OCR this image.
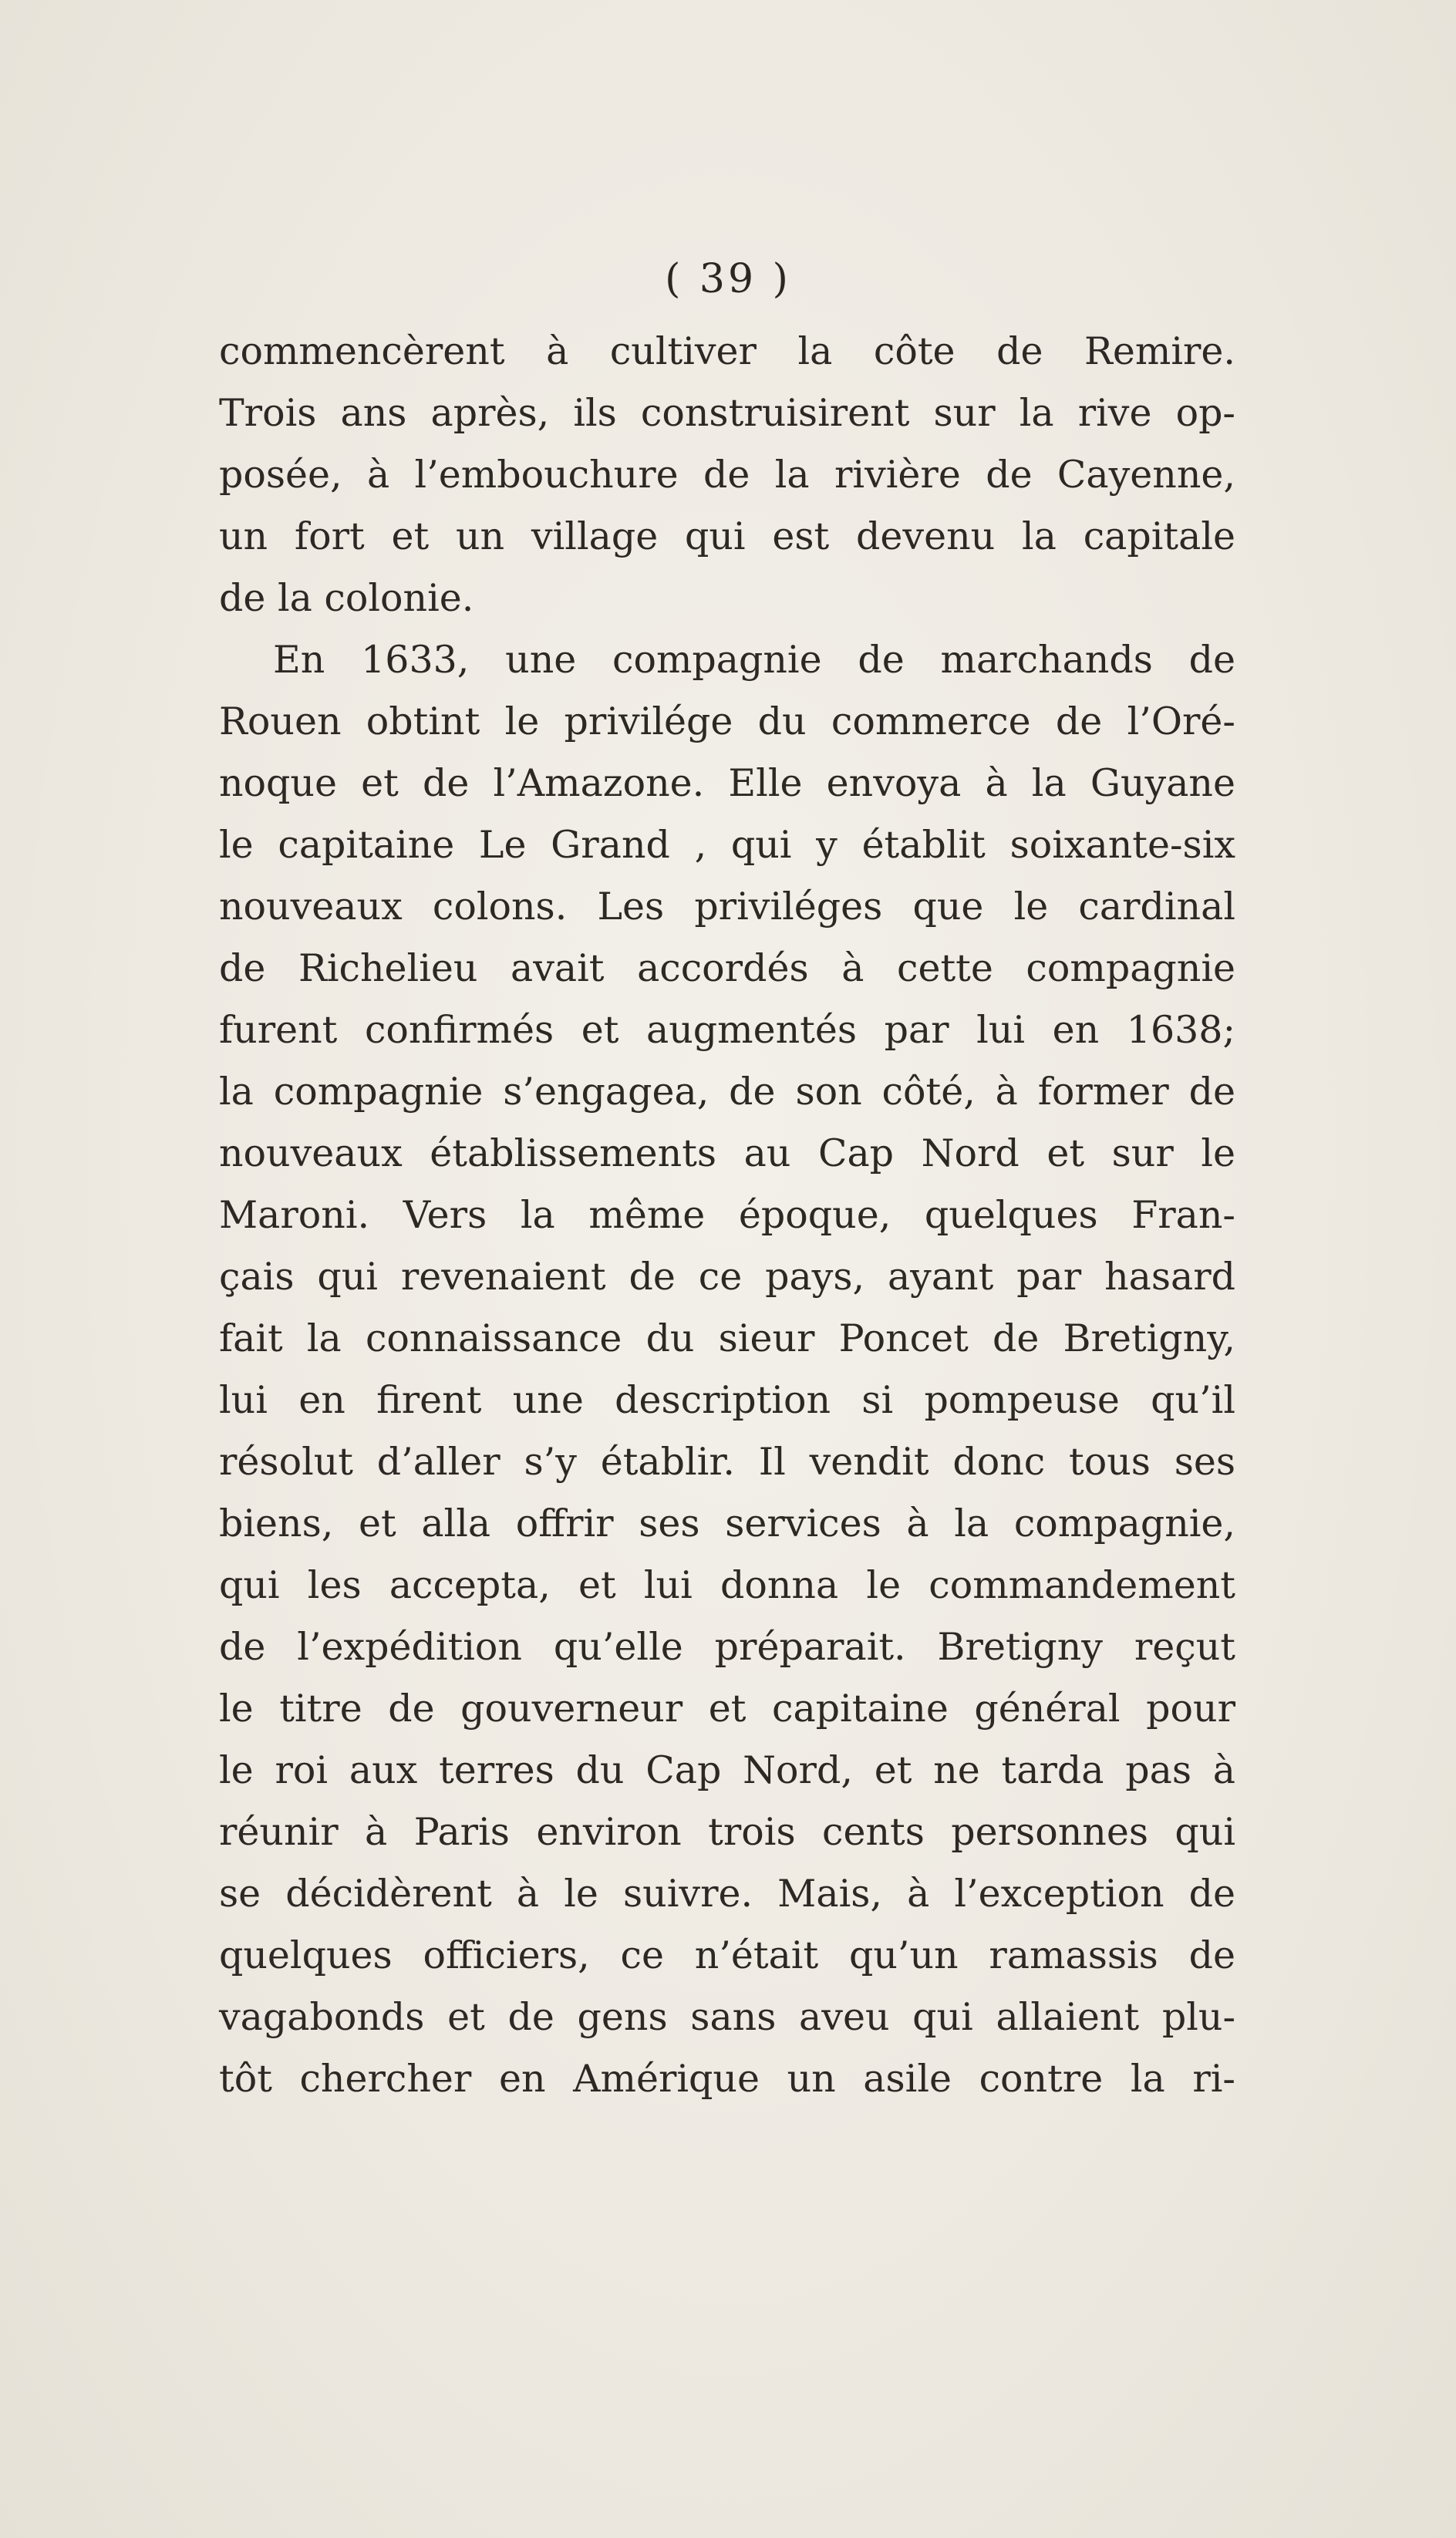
( 39 )
commencèrent à cultiver la côte de Remire.
Trois ans après, ils construisirent sur la rive op-
posée, à l’embouchure de la rivière de Cayenne,
un fort et un village qui est devenu la capitale
de la colonie.
En 1633, une compagnie de marchands de
Rouen obtint le privilége du commerce de l’Oré-
noque et de l’Amazone. Elle envoya à la Guyane
le capitaine Le Grand , qui y établit soixante-six
nouveaux colons. Les priviléges que le cardinal
de Richelieu avait accordés à cette compagnie
furent confirmés et augmentés par lui en 1638;
la compagnie s’engagea, de son côté, à former de
nouveaux établissements au Cap Nord et sur le
Maroni. Vers la même époque, quelques Fran-
çais qui revenaient de ce pays, ayant par hasard
fait la connaissance du sieur Poncet de Bretigny,
lui en firent une description si pompeuse qu’il
résolut d’aller s’y établir. Il vendit donc tous ses
biens, et alla offrir ses services à la compagnie,
qui les accepta, et lui donna le commandement
de l’expédition qu’elle préparait. Bretigny reçut
le titre de gouverneur et capitaine général pour
le roi aux terres du Cap Nord, et ne tarda pas à
réunir à Paris environ trois cents personnes qui
se décidèrent à le suivre. Mais, à l’exception de
quelques officiers, ce n’était qu’un ramassis de
vagabonds et de gens sans aveu qui allaient plu-
tôt chercher en Amérique un asile contre la ri-
